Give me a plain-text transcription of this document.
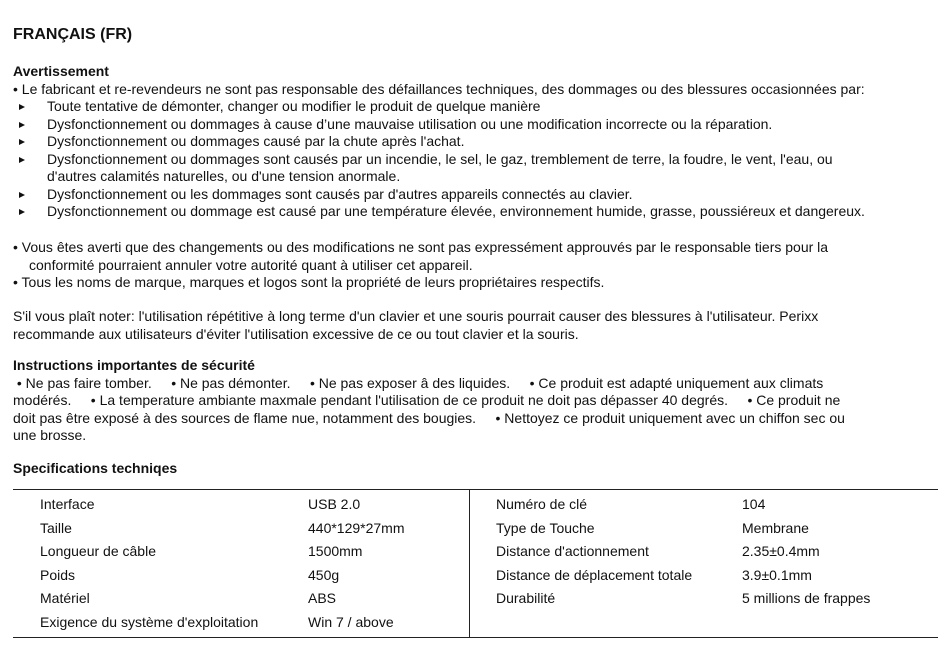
FRANÇAIS (FR)
Avertissement
• Le fabricant et re-revendeurs ne sont pas responsable des défaillances techniques, des dommages ou des blessures occasionnées par:
Toute tentative de démonter, changer ou modifier le produit de quelque manière
Dysfonctionnement ou dommages à cause d’une mauvaise utilisation ou une modification incorrecte ou la réparation.
Dysfonctionnement ou dommages causé par la chute après l'achat.
Dysfonctionnement ou dommages sont causés par un incendie, le sel, le gaz, tremblement de terre, la foudre, le vent, l'eau, ou
d'autres calamités naturelles, ou d'une tension anormale.
Dysfonctionnement ou les dommages sont causés par d'autres appareils connectés au clavier.
Dysfonctionnement ou dommage est causé par une température élevée, environnement humide, grasse, poussiéreux et dangereux.
• Vous êtes averti que des changements ou des modifications ne sont pas expressément approuvés par le responsable tiers pour la
conformité pourraient annuler votre autorité quant à utiliser cet appareil.
• Tous les noms de marque, marques et logos sont la propriété de leurs propriétaires respectifs.
S'il vous plaît noter: l'utilisation répétitive à long terme d'un clavier et une souris pourrait causer des blessures à l'utilisateur. Perixx
recommande aux utilisateurs d'éviter l'utilisation excessive de ce ou tout clavier et la souris.
Instructions importantes de sécurité
• Ne pas faire tomber.     • Ne pas démonter.     • Ne pas exposer â des liquides.     • Ce produit est adapté uniquement aux climats
modérés.     • La temperature ambiante maxmale pendant l'utilisation de ce produit ne doit pas dépasser 40 degrés.     • Ce produit ne
doit pas être exposé à des sources de flame nue, notamment des bougies.     • Nettoyez ce produit uniquement avec un chiffon sec ou
une brosse.
Specifications techniqes
Interface	USB 2.0
Taille	440*129*27mm
Longueur de câble	1500mm
Poids	450g
Matériel	ABS
Exigence du système d'exploitation	Win 7 / above
Numéro de clé	104
Type de Touche	Membrane
Distance d'actionnement	2.35±0.4mm
Distance de déplacement totale	3.9±0.1mm
Durabilité	5 millions de frappes
